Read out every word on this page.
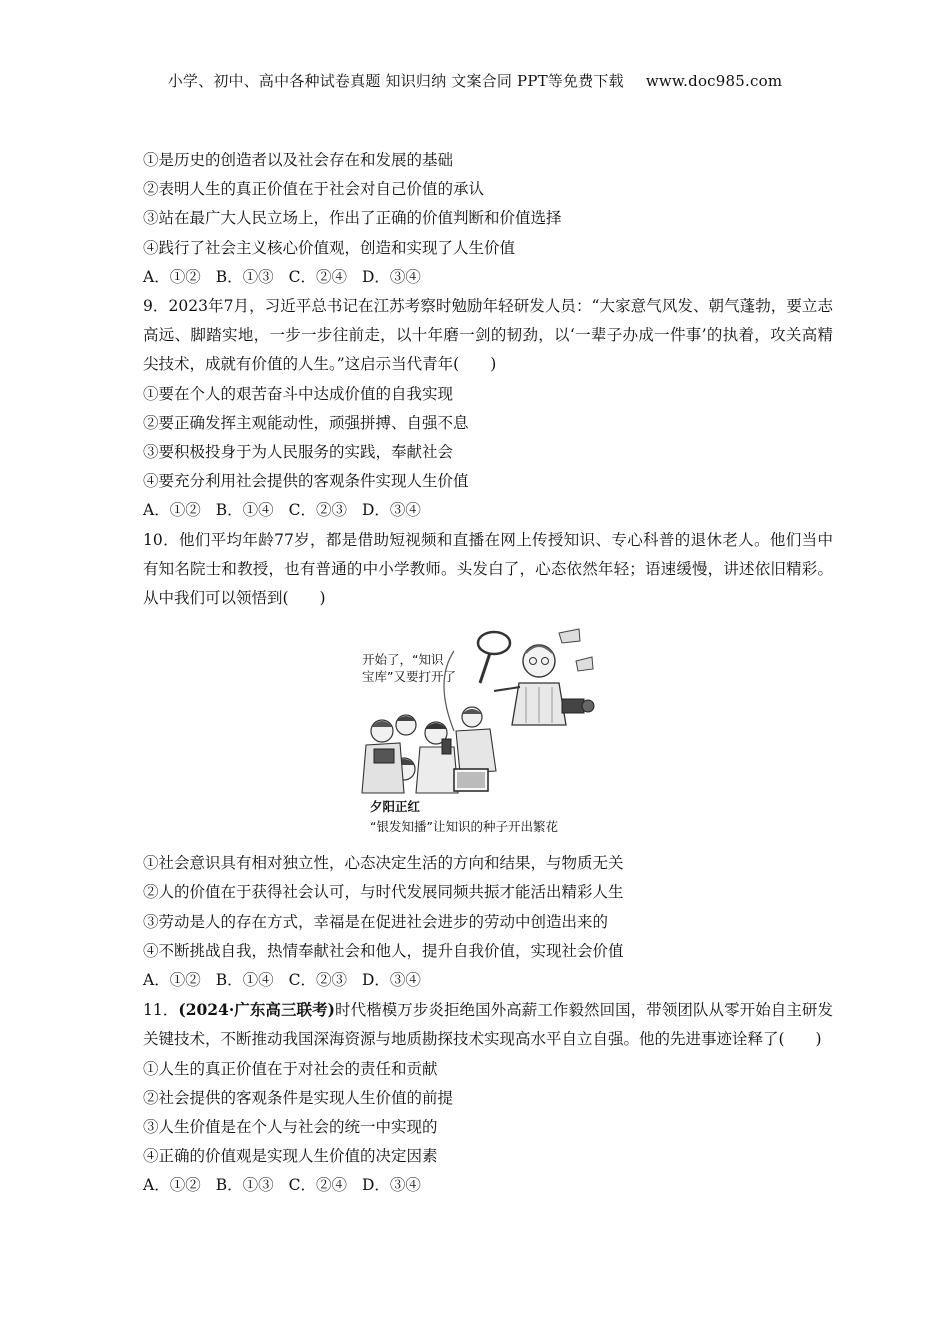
小学、初中、高中各种试卷真题 知识归纳 文案合同 PPT等免费下载 www.doc985.com
①是历史的创造者以及社会存在和发展的基础
②表明人生的真正价值在于社会对自己价值的承认
③站在最广大人民立场上，作出了正确的价值判断和价值选择
④践行了社会主义核心价值观，创造和实现了人生价值
A．①② B．①③ C．②④ D．③④
9．2023年7月，习近平总书记在江苏考察时勉励年轻研发人员：“大家意气风发、朝气蓬勃，要立志高远、脚踏实地，一步一步往前走，以十年磨一剑的韧劲，以‘一辈子办成一件事’的执着，攻关高精尖技术，成就有价值的人生。”这启示当代青年(　　)
①要在个人的艰苦奋斗中达成价值的自我实现
②要正确发挥主观能动性，顽强拼搏、自强不息
③要积极投身于为人民服务的实践，奉献社会
④要充分利用社会提供的客观条件实现人生价值
A．①② B．①④ C．②③ D．③④
10．他们平均年龄77岁，都是借助短视频和直播在网上传授知识、专心科普的退休老人。他们当中有知名院士和教授，也有普通的中小学教师。头发白了，心态依然年轻；语速缓慢，讲述依旧精彩。从中我们可以领悟到(　　)
开始了，“知识
宝库”又要打开了
夕阳正红
“银发知播”让知识的种子开出繁花
①社会意识具有相对独立性，心态决定生活的方向和结果，与物质无关
②人的价值在于获得社会认可，与时代发展同频共振才能活出精彩人生
③劳动是人的存在方式，幸福是在促进社会进步的劳动中创造出来的
④不断挑战自我，热情奉献社会和他人，提升自我价值，实现社会价值
A．①② B．①④ C．②③ D．③④
11．(2024·广东高三联考)时代楷模万步炎拒绝国外高薪工作毅然回国，带领团队从零开始自主研发关键技术，不断推动我国深海资源与地质勘探技术实现高水平自立自强。他的先进事迹诠释了(　　)
①人生的真正价值在于对社会的责任和贡献
②社会提供的客观条件是实现人生价值的前提
③人生价值是在个人与社会的统一中实现的
④正确的价值观是实现人生价值的决定因素
A．①② B．①③ C．②④ D．③④
